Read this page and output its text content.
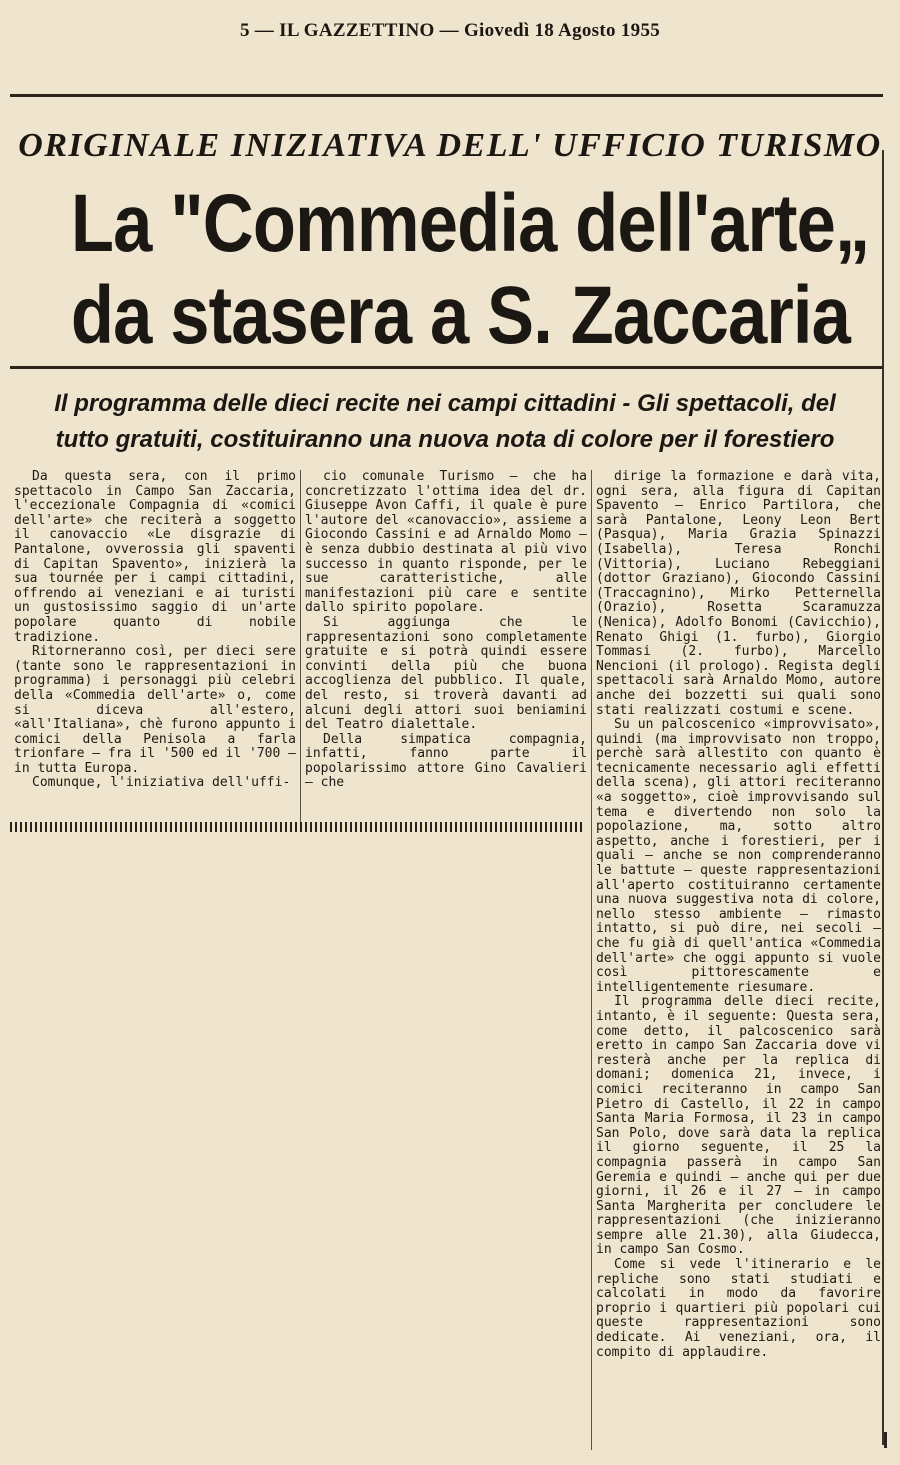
5 — IL GAZZETTINO — Giovedì 18 Agosto 1955
ORIGINALE INIZIATIVA DELL' UFFICIO TURISMO
La "Commedia dell'arte„
da stasera a S. Zaccaria
Il programma delle dieci recite nei campi cittadini - Gli spettacoli, del
tutto gratuiti, costituiranno una nuova nota di colore per il forestiero

Da questa sera, con il primo spettacolo in Campo San Zaccaria, l'eccezionale Compagnia di «comici dell'arte» che reciterà a soggetto il canovaccio «Le disgrazie di Pantalone, ovverossia gli spaventi di Capitan Spavento», inizierà la sua tournée per i campi cittadini, offrendo ai veneziani e ai turisti un gustosissimo saggio di un'arte popolare quanto di nobile tradizione.

Ritorneranno così, per dieci sere (tante sono le rappresentazioni in programma) i personaggi più celebri della «Commedia dell'arte» o, come si diceva all'estero, «all'Italiana», chè furono appunto i comici della Penisola a farla trionfare — fra il '500 ed il '700 — in tutta Europa.

Comunque, l'iniziativa dell'uffi-

cio comunale Turismo — che ha concretizzato l'ottima idea del dr. Giuseppe Avon Caffi, il quale è pure l'autore del «canovaccio», assieme a Giocondo Cassini e ad Arnaldo Momo — è senza dubbio destinata al più vivo successo in quanto risponde, per le sue caratteristiche, alle manifestazioni più care e sentite dallo spirito popolare.

Si aggiunga che le rappresentazioni sono completamente gratuite e si potrà quindi essere convinti della più che buona accoglienza del pubblico. Il quale, del resto, si troverà davanti ad alcuni degli attori suoi beniamini del Teatro dialettale.

Della simpatica compagnia, infatti, fanno parte il popolarissimo attore Gino Cavalieri — che

dirige la formazione e darà vita, ogni sera, alla figura di Capitan Spavento — Enrico Partilora, che sarà Pantalone, Leony Leon Bert (Pasqua), Maria Grazia Spinazzi (Isabella), Teresa Ronchi (Vittoria), Luciano Rebeggiani (dottor Graziano), Giocondo Cassini (Traccagnino), Mirko Petternella (Orazio), Rosetta Scaramuzza (Nenica), Adolfo Bonomi (Cavicchio), Renato Ghigi (1. furbo), Giorgio Tommasi (2. furbo), Marcello Nencioni (il prologo). Regista degli spettacoli sarà Arnaldo Momo, autore anche dei bozzetti sui quali sono stati realizzati costumi e scene.

Su un palcoscenico «improvvisato», quindi (ma improvvisato non troppo, perchè sarà allestito con quanto è tecnicamente necessario agli effetti della scena), gli attori reciteranno «a soggetto», cioè improvvisando sul tema e divertendo non solo la popolazione, ma, sotto altro aspetto, anche i forestieri, per i quali — anche se non comprenderanno le battute — queste rappresentazioni all'aperto costituiranno certamente una nuova suggestiva nota di colore, nello stesso ambiente — rimasto intatto, si può dire, nei secoli — che fu già di quell'antica «Commedia dell'arte» che oggi appunto si vuole così pittorescamente e intelligentemente riesumare.

Il programma delle dieci recite, intanto, è il seguente: Questa sera, come detto, il palcoscenico sarà eretto in campo San Zaccaria dove vi resterà anche per la replica di domani; domenica 21, invece, i comici reciteranno in campo San Pietro di Castello, il 22 in campo Santa Maria Formosa, il 23 in campo San Polo, dove sarà data la replica il giorno seguente, il 25 la compagnia passerà in campo San Geremia e quindi — anche qui per due giorni, il 26 e il 27 — in campo Santa Margherita per concludere le rappresentazioni (che inizieranno sempre alle 21.30), alla Giudecca, in campo San Cosmo.

Come si vede l'itinerario e le repliche sono stati studiati e calcolati in modo da favorire proprio i quartieri più popolari cui queste rappresentazioni sono dedicate. Ai veneziani, ora, il compito di applaudire.
